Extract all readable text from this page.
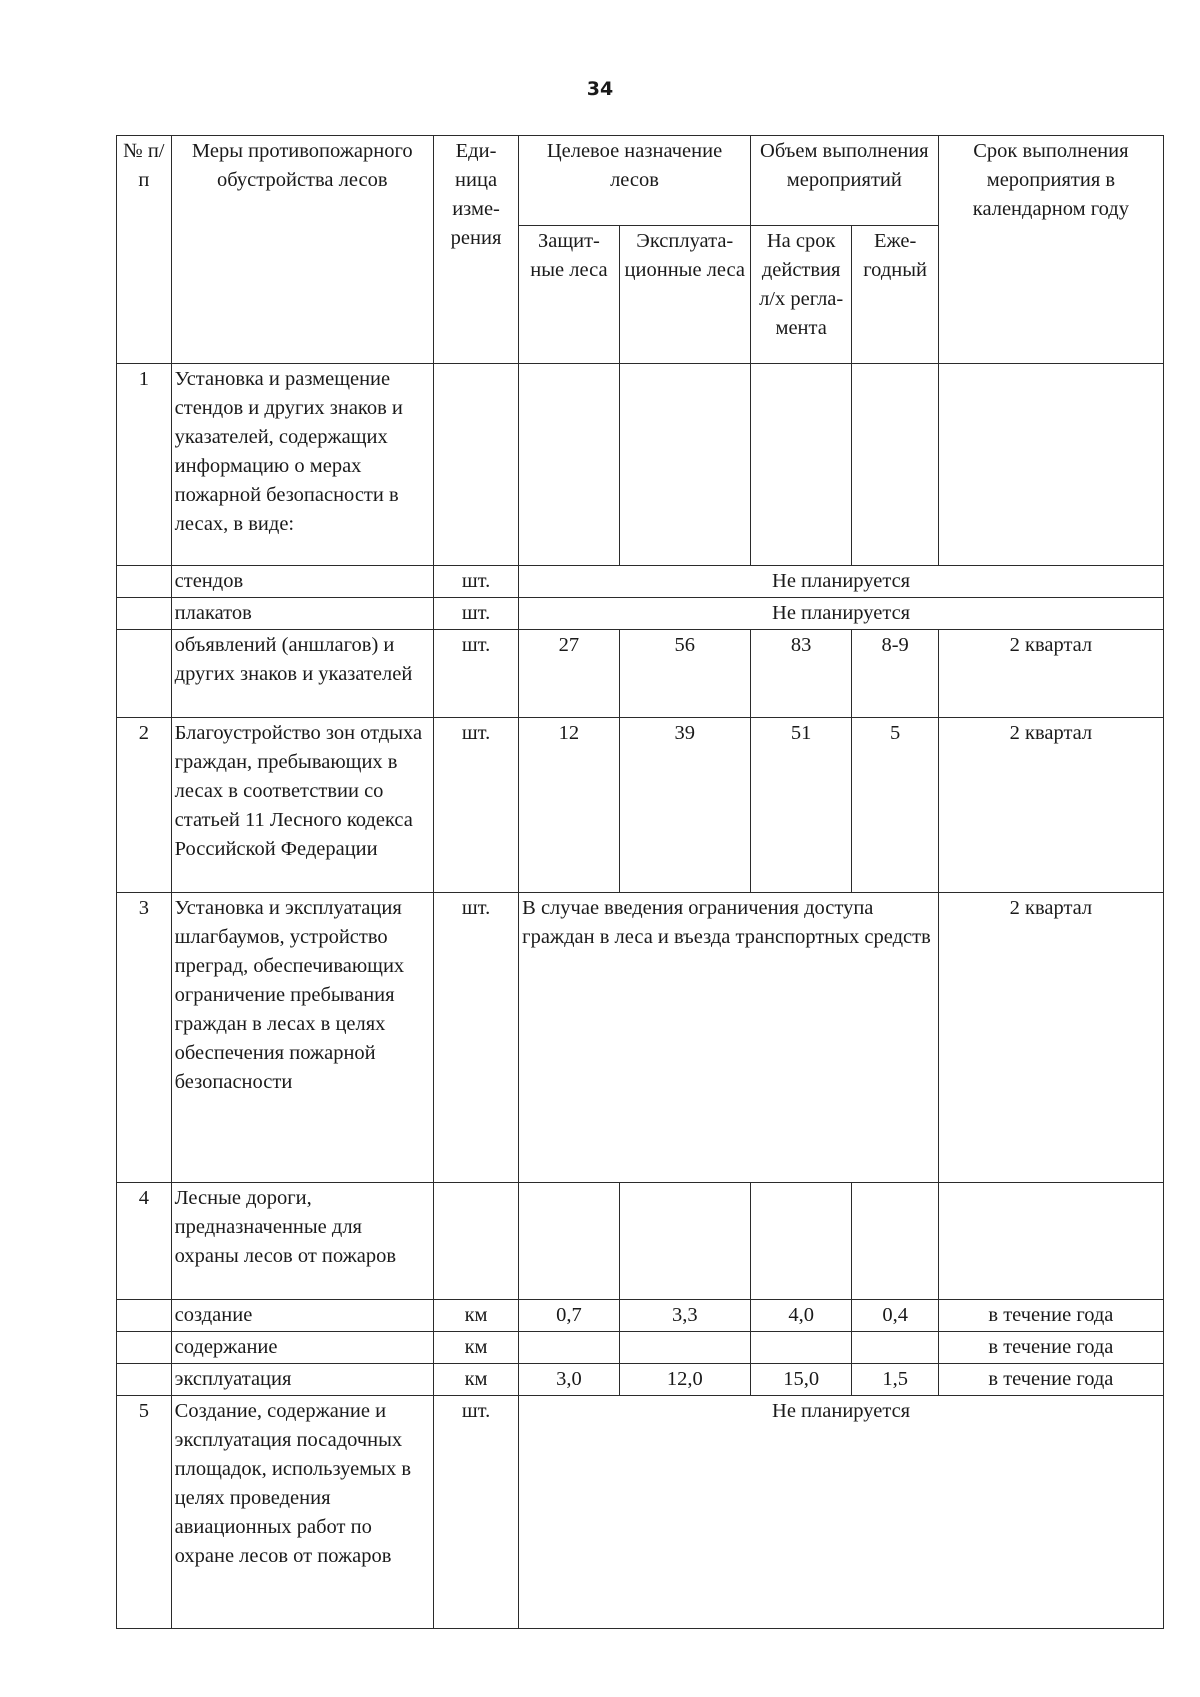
34
№ п/п	Меры противопожарного обустройства лесов	Еди-ница изме-рения	Целевое назначение лесов		Объем выполнения мероприятий		Срок выполнения мероприятия в календарном году
			Защит-ные леса	Эксплуата-ционные леса	На срок действия л/х регла-мента	Еже-годный	
1	Установка и размещение стендов и других знаков и указателей, содержащих информацию о мерах пожарной безопасности в лесах, в виде:						
	стендов	шт.	Не планируется				
	плакатов	шт.	Не планируется				
	объявлений (аншлагов) и других знаков и указателей	шт.	27	56	83	8-9	2 квартал
2	Благоустройство зон отдыха граждан, пребывающих в лесах в соответствии со статьей 11 Лесного кодекса Российской Федерации	шт.	12	39	51	5	2 квартал
3	Установка и эксплуатация шлагбаумов, устройство преград, обеспечивающих ограничение пребывания граждан в лесах в целях обеспечения пожарной безопасности	шт.	В случае введения ограничения доступа граждан в леса и въезда транспортных средств				2 квартал
4	Лесные дороги, предназначенные для охраны лесов от пожаров						
	создание	км	0,7	3,3	4,0	0,4	в течение года
	содержание	км					в течение года
	эксплуатация	км	3,0	12,0	15,0	1,5	в течение года
5	Создание, содержание и эксплуатация посадочных площадок, используемых в целях проведения авиационных работ по охране лесов от пожаров	шт.	Не планируется				
